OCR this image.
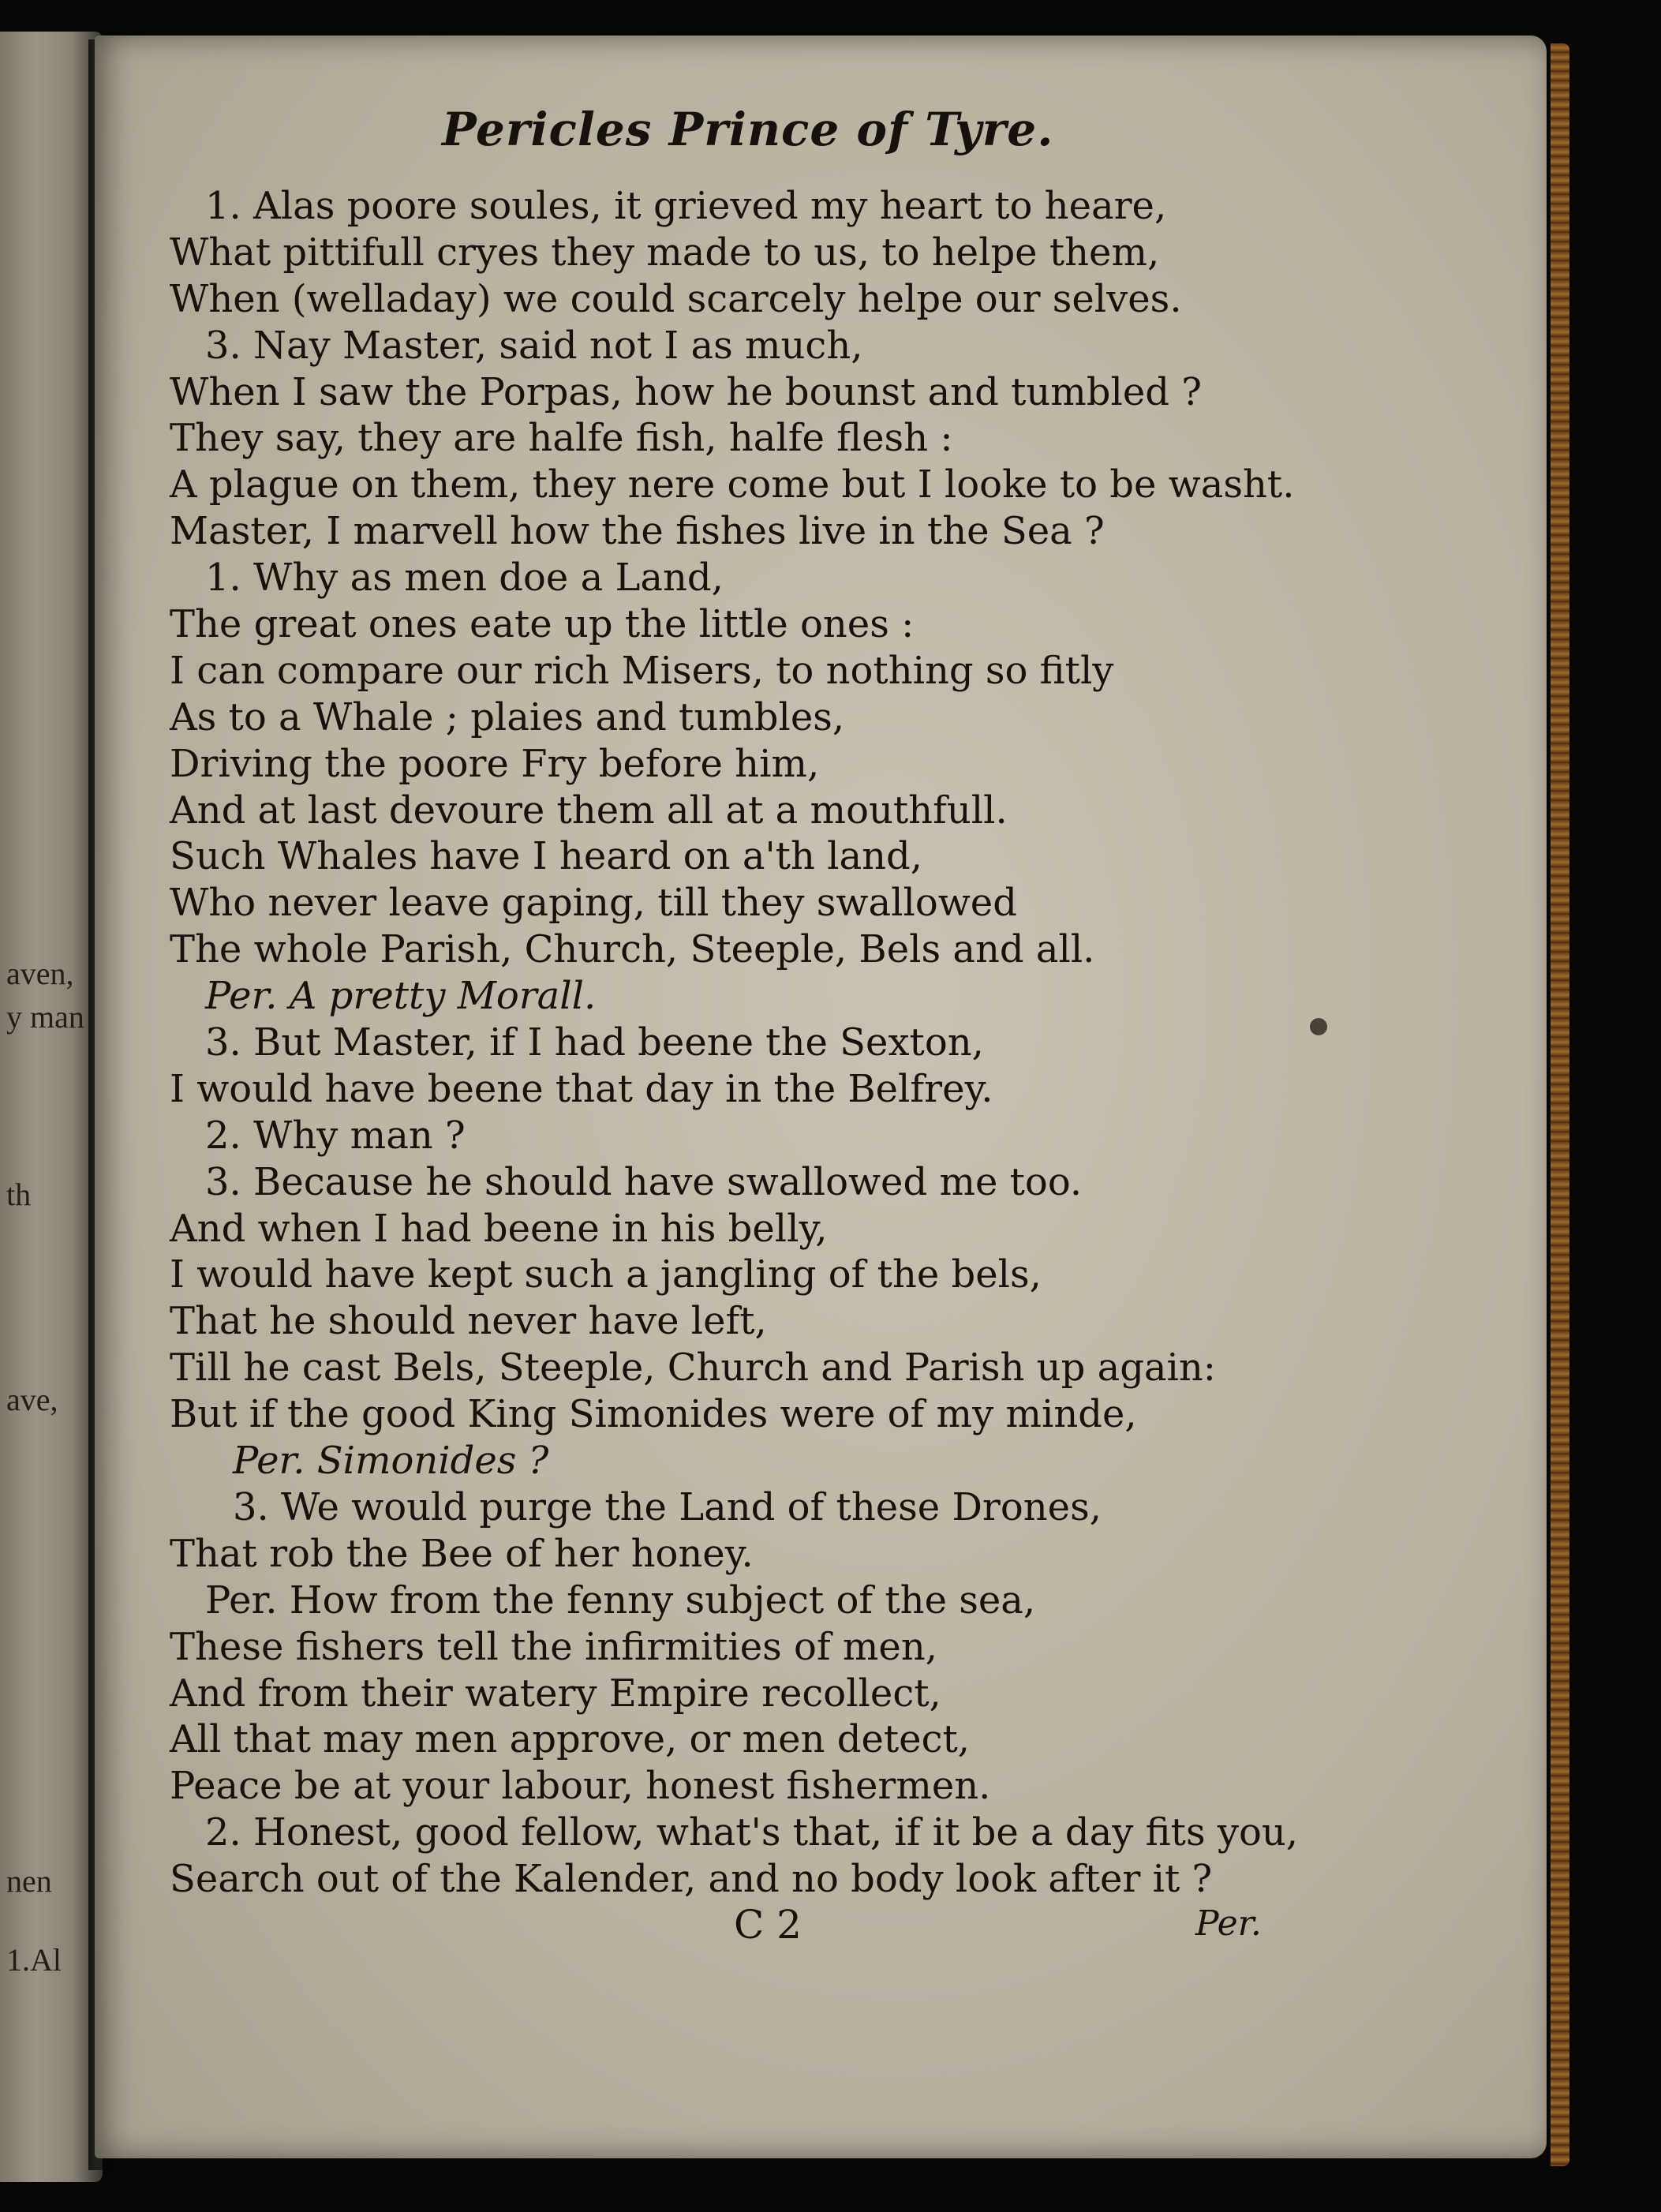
aven,
y man
th
ave,
nen
1.Al
Pericles Prince of Tyre.
1. Alas poore soules, it grieved my heart to heare,
What pittifull cryes they made to us, to helpe them,
When (welladay) we could scarcely helpe our selves.
3. Nay Master, said not I as much,
When I saw the Porpas, how he bounst and tumbled ?
They say, they are halfe fish, halfe flesh :
A plague on them, they nere come but I looke to be washt.
Master, I marvell how the fishes live in the Sea ?
1. Why as men doe a Land,
The great ones eate up the little ones :
I can compare our rich Misers, to nothing so fitly
As to a Whale ; plaies and tumbles,
Driving the poore Fry before him,
And at last devoure them all at a mouthfull.
Such Whales have I heard on a'th land,
Who never leave gaping, till they swallowed
The whole Parish, Church, Steeple, Bels and all.
Per. A pretty Morall.
3. But Master, if I had beene the Sexton,
I would have beene that day in the Belfrey.
2. Why man ?
3. Because he should have swallowed me too.
And when I had beene in his belly,
I would have kept such a jangling of the bels,
That he should never have left,
Till he cast Bels, Steeple, Church and Parish up again:
But if the good King Simonides were of my minde,
Per. Simonides ?
3. We would purge the Land of these Drones,
That rob the Bee of her honey.
Per. How from the fenny subject of the sea,
These fishers tell the infirmities of men,
And from their watery Empire recollect,
All that may men approve, or men detect,
Peace be at your labour, honest fishermen.
2. Honest, good fellow, what's that, if it be a day fits you,
Search out of the Kalender, and no body look after it ?

C 2	Per.
